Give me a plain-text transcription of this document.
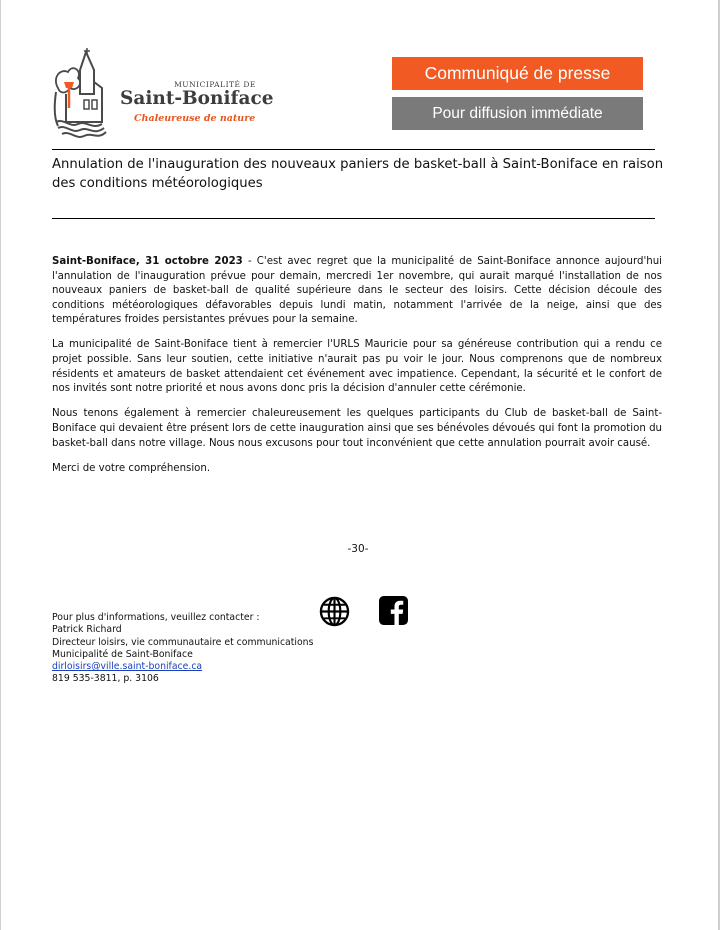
MUNICIPALITÉ DE
Saint-Boniface
Chaleureuse de nature
Communiqué de presse
Pour diffusion immédiate
Annulation de l'inauguration des nouveaux paniers de basket-ball à Saint-Boniface en raison des conditions météorologiques

Saint-Boniface, 31 octobre 2023 - C'est avec regret que la municipalité de Saint-Boniface annonce aujourd'hui l'annulation de l'inauguration prévue pour demain, mercredi 1er novembre, qui aurait marqué l'installation de nos nouveaux paniers de basket-ball de qualité supérieure dans le secteur des loisirs. Cette décision découle des conditions météorologiques défavorables depuis lundi matin, notamment l'arrivée de la neige, ainsi que des températures froides persistantes prévues pour la semaine.

La municipalité de Saint-Boniface tient à remercier l'URLS Mauricie pour sa généreuse contribution qui a rendu ce projet possible. Sans leur soutien, cette initiative n'aurait pas pu voir le jour. Nous comprenons que de nombreux résidents et amateurs de basket attendaient cet événement avec impatience. Cependant, la sécurité et le confort de nos invités sont notre priorité et nous avons donc pris la décision d'annuler cette cérémonie.

Nous tenons également à remercier chaleureusement les quelques participants du Club de basket-ball de Saint-Boniface qui devaient être présent lors de cette inauguration ainsi que ses bénévoles dévoués qui font la promotion du basket-ball dans notre village. Nous nous excusons pour tout inconvénient que cette annulation pourrait avoir causé.

Merci de votre compréhension.

-30-
Pour plus d'informations, veuillez contacter :
Patrick Richard
Directeur loisirs, vie communautaire et communications
Municipalité de Saint-Boniface
dirloisirs@ville.saint-boniface.ca
819 535-3811, p. 3106
